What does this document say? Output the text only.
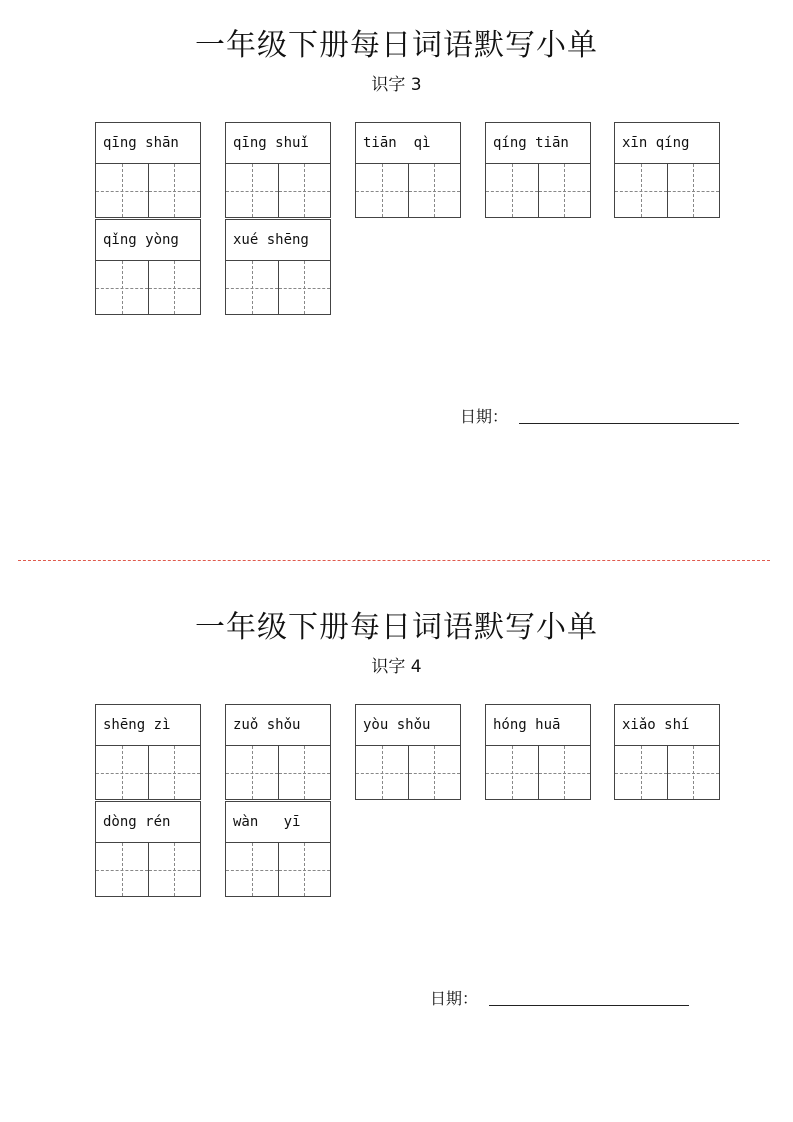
一年级下册每日词语默写小单
识字 3
qīng shān	qīng shuǐ	tiān  qì	qíng tiān	xīn qíng
qǐng yòng	xué shēng
日期：
一年级下册每日词语默写小单
识字 4
shēng zì	zuǒ shǒu	yòu shǒu	hóng huā	xiǎo shí
dòng rén	wàn   yī
日期：
